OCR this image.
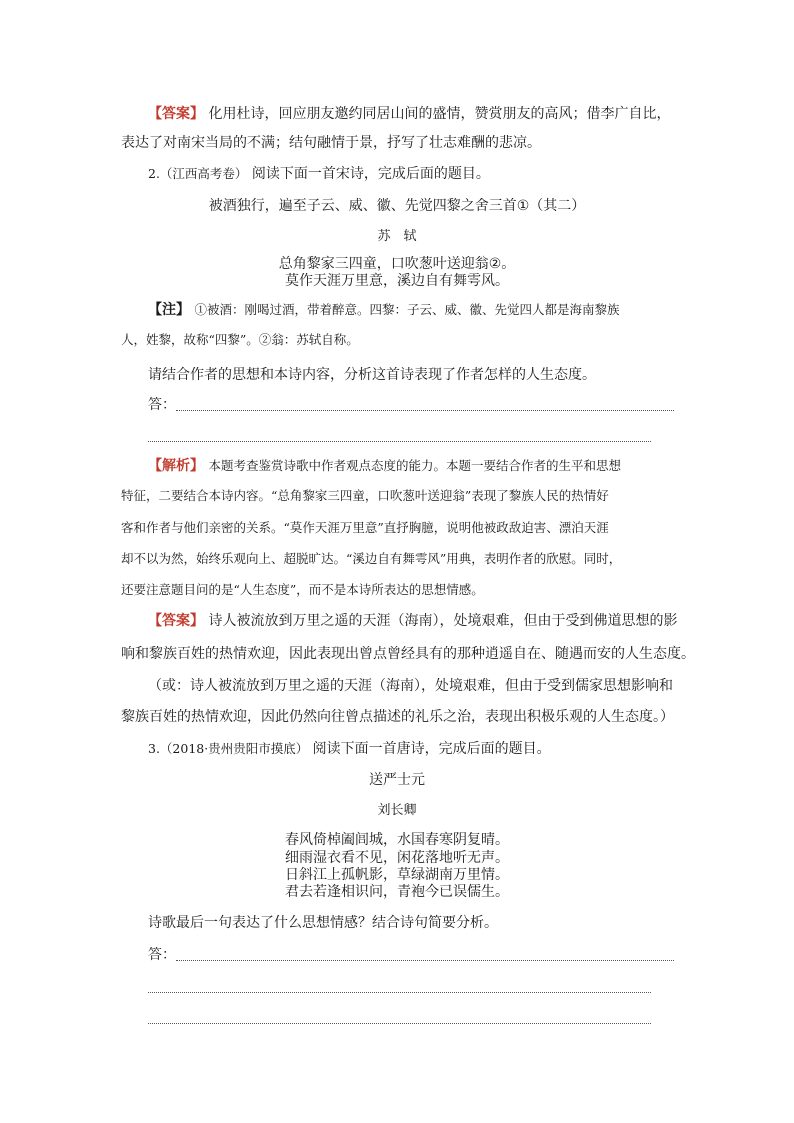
【答案】 化用杜诗，回应朋友邀约同居山间的盛情，赞赏朋友的高风；借李广自比，
表达了对南宋当局的不满；结句融情于景，抒写了壮志难酬的悲凉。
2.（江西高考卷） 阅读下面一首宋诗，完成后面的题目。
被酒独行，遍至子云、威、徽、先觉四黎之舍三首①（其二）
苏　轼
总角黎家三四童，口吹葱叶送迎翁②。
莫作天涯万里意，溪边自有舞雩风。
【注】 ①被酒：刚喝过酒，带着醉意。四黎：子云、威、徽、先觉四人都是海南黎族
人，姓黎，故称“四黎”。②翁：苏轼自称。
请结合作者的思想和本诗内容，分析这首诗表现了作者怎样的人生态度。
答：
【解析】 本题考查鉴赏诗歌中作者观点态度的能力。本题一要结合作者的生平和思想
特征，二要结合本诗内容。“总角黎家三四童，口吹葱叶送迎翁”表现了黎族人民的热情好
客和作者与他们亲密的关系。“莫作天涯万里意”直抒胸臆，说明他被政敌迫害、漂泊天涯
却不以为然，始终乐观向上、超脱旷达。“溪边自有舞雩风”用典，表明作者的欣慰。同时，
还要注意题目问的是“人生态度”，而不是本诗所表达的思想情感。
【答案】 诗人被流放到万里之遥的天涯（海南），处境艰难，但由于受到佛道思想的影
响和黎族百姓的热情欢迎，因此表现出曾点曾经具有的那种逍遥自在、随遇而安的人生态度。
（或：诗人被流放到万里之遥的天涯（海南），处境艰难，但由于受到儒家思想影响和
黎族百姓的热情欢迎，因此仍然向往曾点描述的礼乐之治，表现出积极乐观的人生态度。）
3.（2018·贵州贵阳市摸底） 阅读下面一首唐诗，完成后面的题目。
送严士元
刘长卿
春风倚棹阖闾城，水国春寒阴复晴。
细雨湿衣看不见，闲花落地听无声。
日斜江上孤帆影，草绿湖南万里情。
君去若逢相识问，青袍今已误儒生。
诗歌最后一句表达了什么思想情感？结合诗句简要分析。
答：
